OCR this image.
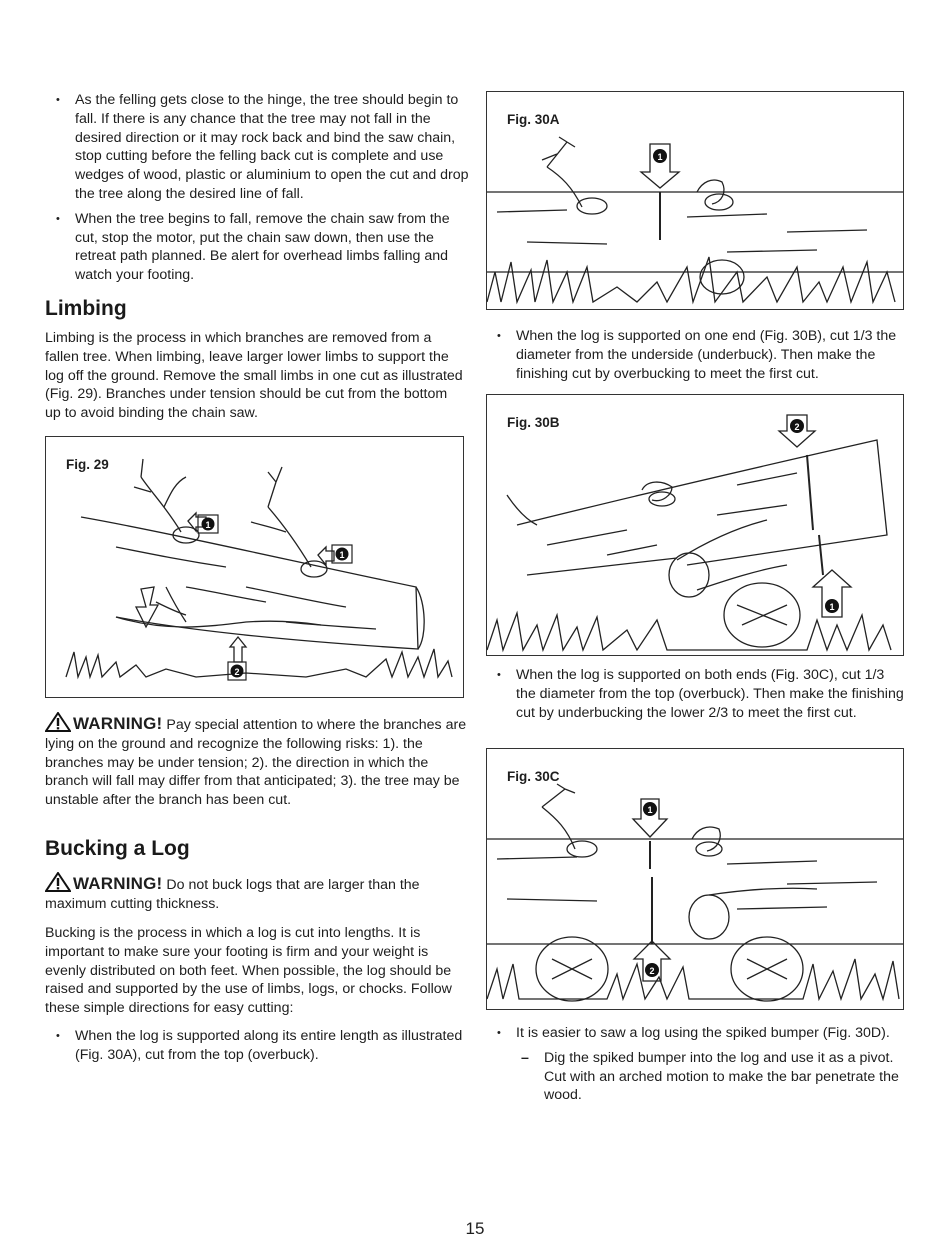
• As the felling gets close to the hinge, the tree should begin to fall. If there is any chance that the tree may not fall in the desired direction or it may rock back and bind the saw chain, stop cutting before the felling back cut is complete and use wedges of wood, plastic or aluminium to open the cut and drop the tree along the desired line of fall.
• When the tree begins to fall, remove the chain saw from the cut, stop the motor, put the chain saw down, then use the retreat path planned. Be alert for overhead limbs falling and watch your footing.
Limbing

Limbing is the process in which branches are removed from a fallen tree. When limbing, leave larger lower limbs to support the log off the ground. Remove the small limbs in one cut as illustrated (Fig. 29). Branches under tension should be cut from the bottom up to avoid binding the chain saw.

Fig. 29
1
1
2

WARNING! Pay special attention to where the branches are lying on the ground and recognize the following risks: 1). the branches may be under tension; 2). the direction in which the branch will fall may differ from that anticipated; 3). the tree may be unstable after the branch has been cut.

Bucking a Log

WARNING! Do not buck logs that are larger than the maximum cutting thickness.

Bucking is the process in which a log is cut into lengths. It is important to make sure your footing is firm and your weight is evenly distributed on both feet. When possible, the log should be raised and supported by the use of limbs, logs, or chocks. Follow these simple directions for easy cutting:

• When the log is supported along its entire length as illustrated (Fig. 30A), cut from the top (overbuck).
Fig. 30A
1
• When the log is supported on one end (Fig. 30B), cut 1/3 the diameter from the underside (underbuck). Then make the finishing cut by overbucking to meet the first cut.
Fig. 30B	2
1
• When the log is supported on both ends (Fig. 30C), cut 1/3 the diameter from the top (overbuck). Then make the finishing cut by underbucking the lower 2/3 to meet the first cut.
Fig. 30C
1
2
• It is easier to saw a log using the spiked bumper (Fig. 30D).
– Dig the spiked bumper into the log and use it as a pivot. Cut with an arched motion to make the bar penetrate the wood.
15
